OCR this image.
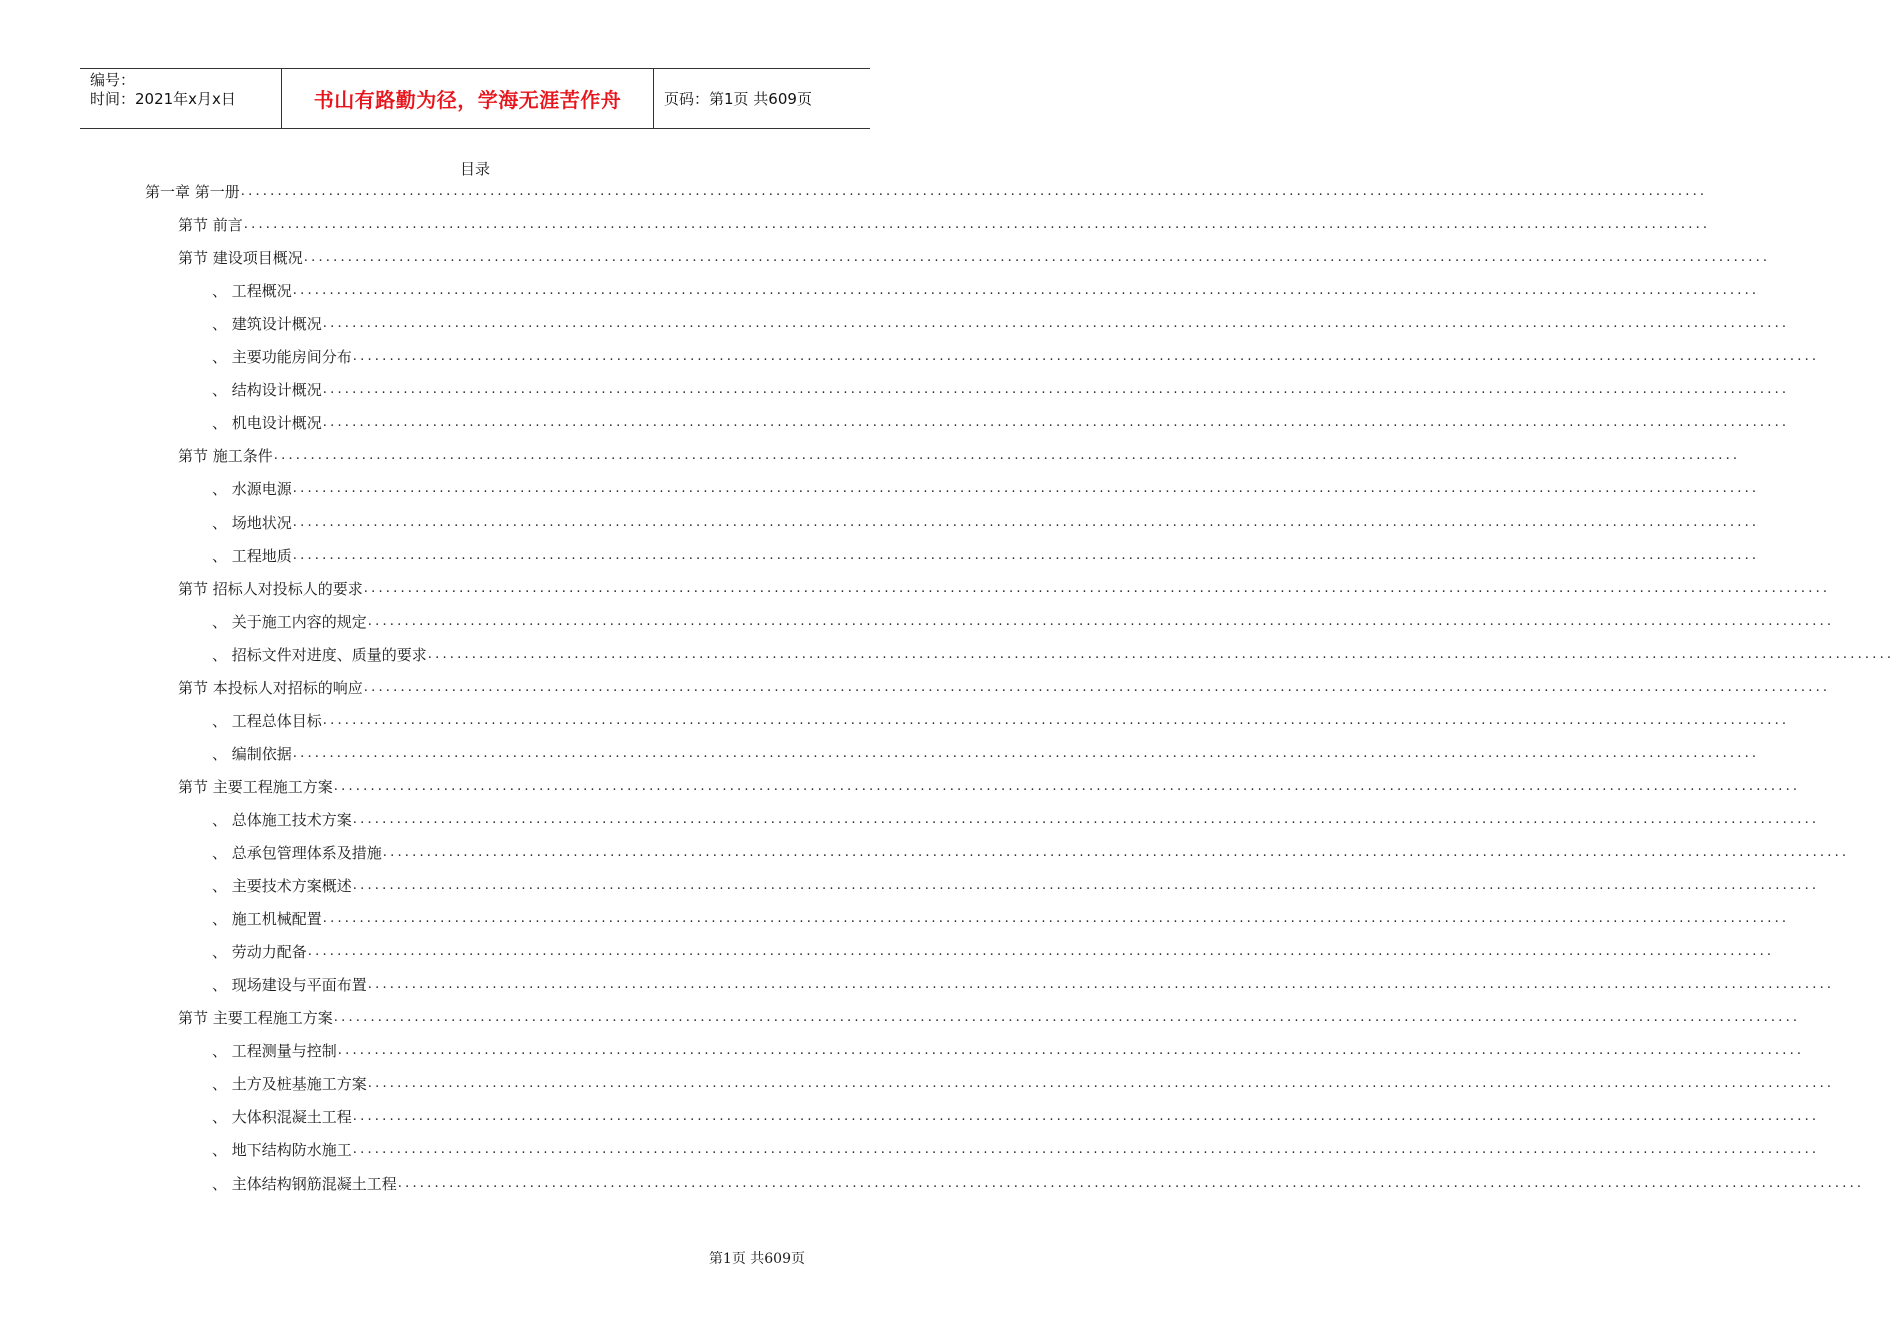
编号：
时间：2021年x月x日	书山有路勤为径，学海无涯苦作舟	页码：第1页 共609页
目录
第一章 第一册 ........................................................................................................................................................................................................
第节 前言 ........................................................................................................................................................................................................
第节 建设项目概况 ........................................................................................................................................................................................................
、 工程概况 ........................................................................................................................................................................................................
、 建筑设计概况 ........................................................................................................................................................................................................
、 主要功能房间分布 ........................................................................................................................................................................................................
、 结构设计概况 ........................................................................................................................................................................................................
、 机电设计概况 ........................................................................................................................................................................................................
第节 施工条件 ........................................................................................................................................................................................................
、 水源电源 ........................................................................................................................................................................................................
、 场地状况 ........................................................................................................................................................................................................
、 工程地质 ........................................................................................................................................................................................................
第节 招标人对投标人的要求 ........................................................................................................................................................................................................
、 关于施工内容的规定 ........................................................................................................................................................................................................
、 招标文件对进度、质量的要求 ........................................................................................................................................................................................................
第节 本投标人对招标的响应 ........................................................................................................................................................................................................
、 工程总体目标 ........................................................................................................................................................................................................
、 编制依据 ........................................................................................................................................................................................................
第节 主要工程施工方案 ........................................................................................................................................................................................................
、 总体施工技术方案 ........................................................................................................................................................................................................
、 总承包管理体系及措施 ........................................................................................................................................................................................................
、 主要技术方案概述 ........................................................................................................................................................................................................
、 施工机械配置 ........................................................................................................................................................................................................
、 劳动力配备 ........................................................................................................................................................................................................
、 现场建设与平面布置 ........................................................................................................................................................................................................
第节 主要工程施工方案 ........................................................................................................................................................................................................
、 工程测量与控制 ........................................................................................................................................................................................................
、 土方及桩基施工方案 ........................................................................................................................................................................................................
、 大体积混凝土工程 ........................................................................................................................................................................................................
、 地下结构防水施工 ........................................................................................................................................................................................................
、 主体结构钢筋混凝土工程 ........................................................................................................................................................................................................
第1页 共609页
